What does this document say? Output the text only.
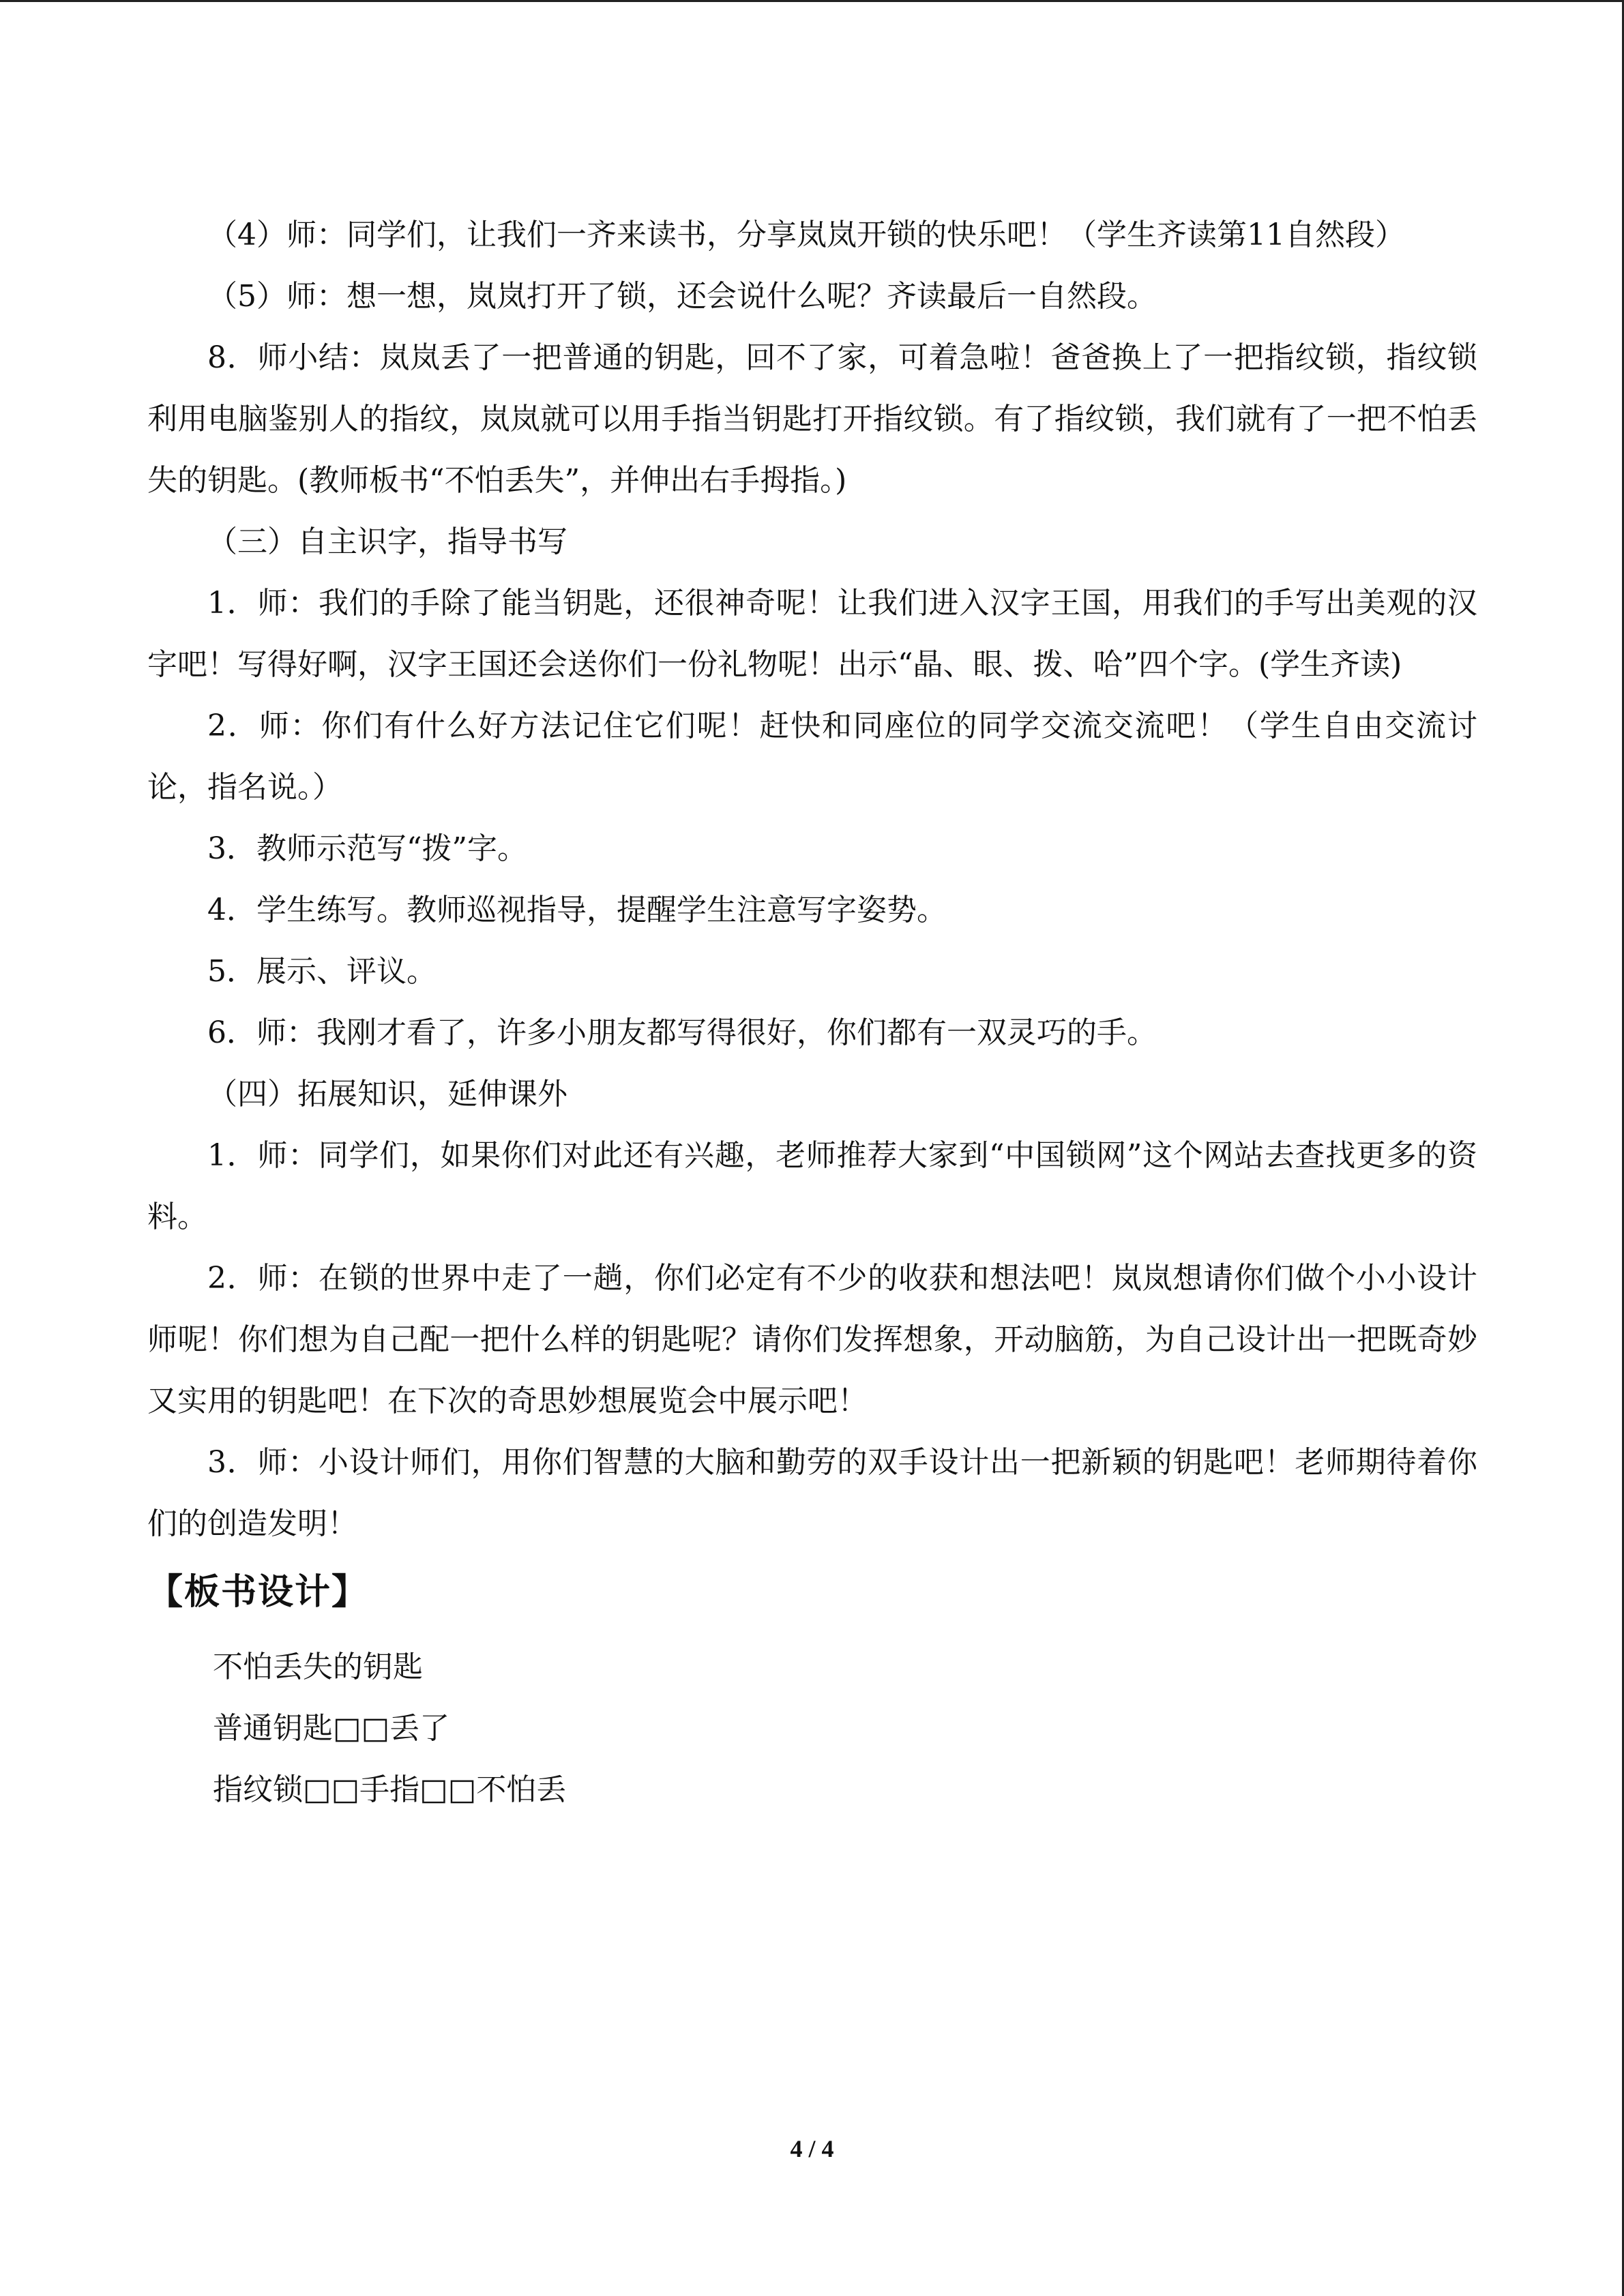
（4）师：同学们，让我们一齐来读书，分享岚岚开锁的快乐吧！（学生齐读第11自然段）

（5）师：想一想，岚岚打开了锁，还会说什么呢？齐读最后一自然段。

8．师小结：岚岚丢了一把普通的钥匙，回不了家，可着急啦！爸爸换上了一把指纹锁，指纹锁利用电脑鉴别人的指纹，岚岚就可以用手指当钥匙打开指纹锁。有了指纹锁，我们就有了一把不怕丢失的钥匙。(教师板书“不怕丢失”，并伸出右手拇指。)

（三）自主识字，指导书写

1．师：我们的手除了能当钥匙，还很神奇呢！让我们进入汉字王国，用我们的手写出美观的汉字吧！写得好啊，汉字王国还会送你们一份礼物呢！出示“晶、眼、拨、哈”四个字。(学生齐读)

2．师：你们有什么好方法记住它们呢！赶快和同座位的同学交流交流吧！（学生自由交流讨论，指名说。）

3．教师示范写“拨”字。

4．学生练写。教师巡视指导，提醒学生注意写字姿势。

5．展示、评议。

6．师：我刚才看了，许多小朋友都写得很好，你们都有一双灵巧的手。

（四）拓展知识，延伸课外

1．师：同学们，如果你们对此还有兴趣，老师推荐大家到“中国锁网”这个网站去查找更多的资料。

2．师：在锁的世界中走了一趟，你们必定有不少的收获和想法吧！岚岚想请你们做个小小设计师呢！你们想为自己配一把什么样的钥匙呢？请你们发挥想象，开动脑筋，为自己设计出一把既奇妙又实用的钥匙吧！在下次的奇思妙想展览会中展示吧！

3．师：小设计师们，用你们智慧的大脑和勤劳的双手设计出一把新颖的钥匙吧！老师期待着你们的创造发明！

【板书设计】

不怕丢失的钥匙

普通钥匙□□丢了

指纹锁□□手指□□不怕丢

4 / 4
